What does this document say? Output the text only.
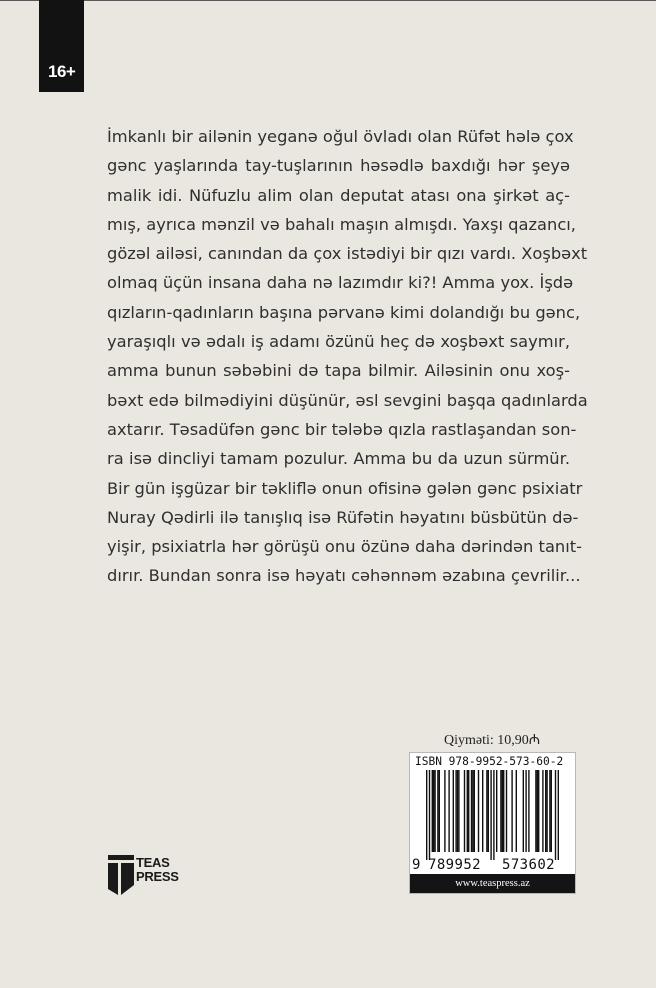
16+

İmkanlı bir ailənin yeganə oğul övladı olan Rüfət hələ çox
gənc yaşlarında tay-tuşlarının həsədlə baxdığı hər şeyə
malik idi. Nüfuzlu alim olan deputat atası ona şirkət aç-
mış, ayrıca mənzil və bahalı maşın almışdı. Yaxşı qazancı,
gözəl ailəsi, canından da çox istədiyi bir qızı vardı. Xoşbəxt
olmaq üçün insana daha nə lazımdır ki?! Amma yox. İşdə
qızların-qadınların başına pərvanə kimi dolandığı bu gənc,
yaraşıqlı və ədalı iş adamı özünü heç də xoşbəxt saymır,
amma bunun səbəbini də tapa bilmir. Ailəsinin onu xoş-
bəxt edə bilmədiyini düşünür, əsl sevgini başqa qadınlarda
axtarır. Təsadüfən gənc bir tələbə qızla rastlaşandan son-
ra isə dincliyi tamam pozulur. Amma bu da uzun sürmür.
Bir gün işgüzar bir təkliflə onun ofisinə gələn gənc psixiatr
Nuray Qədirli ilə tanışlıq isə Rüfətin həyatını büsbütün də-
yişir, psixiatrla hər görüşü onu özünə daha dərindən tanıt-
dırır. Bundan sonra isə həyatı cəhənnəm əzabına çevrilir...

TEAS
PRESS
Qiymәti: 10,90₼
ISBN 978-9952-573-60-2
9 789952 573602
www.teaspress.az
